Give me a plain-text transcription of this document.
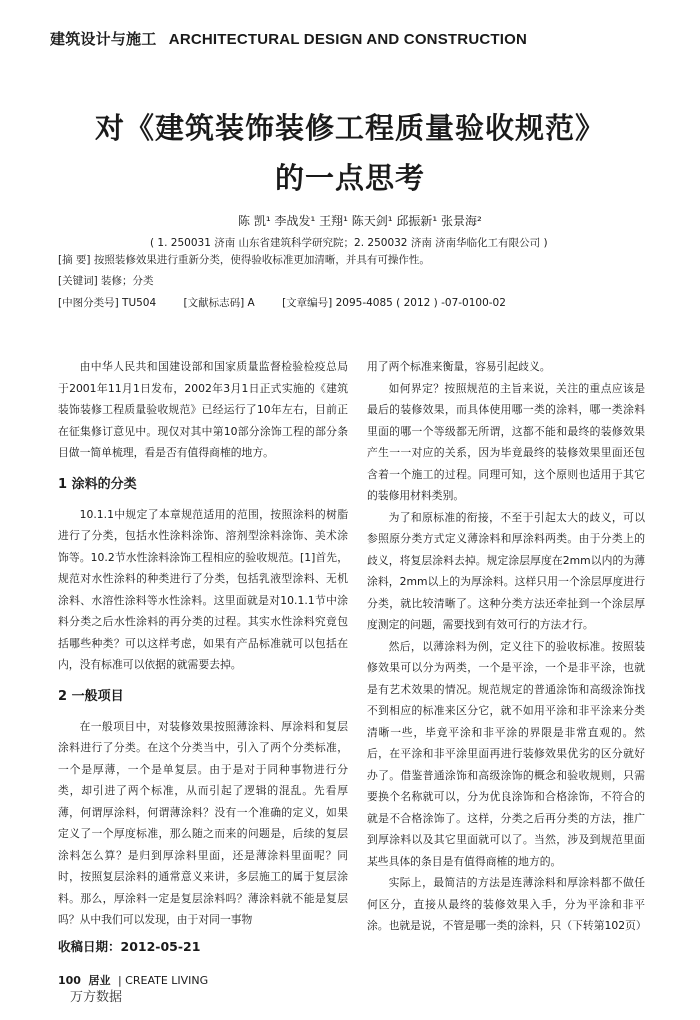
建筑设计与施工 ARCHITECTURAL DESIGN AND CONSTRUCTION
对《建筑装饰装修工程质量验收规范》
的一点思考
陈 凯¹ 李战发¹ 王翔¹ 陈天剑¹ 邱振新¹ 张景海²
( 1. 250031 济南 山东省建筑科学研究院；2. 250032 济南 济南华临化工有限公司 )
[摘 要] 按照装修效果进行重新分类，使得验收标准更加清晰，并具有可操作性。
[关键词] 装修；分类
[中图分类号] TU504	[文献标志码] A	[文章编号] 2095-4085 ( 2012 ) -07-0100-02

由中华人民共和国建设部和国家质量监督检验检疫总局于2001年11月1日发布，2002年3月1日正式实施的《建筑装饰装修工程质量验收规范》已经运行了10年左右，目前正在征集修订意见中。现仅对其中第10部分涂饰工程的部分条目做一简单梳理，看是否有值得商榷的地方。

1 涂料的分类

10.1.1中规定了本章规范适用的范围，按照涂料的树脂进行了分类，包括水性涂料涂饰、溶剂型涂料涂饰、美术涂饰等。10.2节水性涂料涂饰工程相应的验收规范。[1]首先，规范对水性涂料的种类进行了分类，包括乳液型涂料、无机涂料、水溶性涂料等水性涂料。这里面就是对10.1.1节中涂料分类之后水性涂料的再分类的过程。其实水性涂料究竟包括哪些种类？可以这样考虑，如果有产品标准就可以包括在内，没有标准可以依据的就需要去掉。

2 一般项目

在一般项目中，对装修效果按照薄涂料、厚涂料和复层涂料进行了分类。在这个分类当中，引入了两个分类标准，一个是厚薄，一个是单复层。由于是对于同种事物进行分类，却引进了两个标准，从而引起了逻辑的混乱。先看厚薄，何谓厚涂料，何谓薄涂料？没有一个准确的定义，如果定义了一个厚度标准，那么随之而来的问题是，后续的复层涂料怎么算？是归到厚涂料里面，还是薄涂料里面呢？同时，按照复层涂料的通常意义来讲，多层施工的属于复层涂料。那么，厚涂料一定是复层涂料吗？薄涂料就不能是复层吗？从中我们可以发现，由于对同一事物

用了两个标准来衡量，容易引起歧义。

如何界定？按照规范的主旨来说，关注的重点应该是最后的装修效果，而具体使用哪一类的涂料，哪一类涂料里面的哪一个等级都无所谓，这都不能和最终的装修效果产生一一对应的关系，因为毕竟最终的装修效果里面还包含着一个施工的过程。同理可知，这个原则也适用于其它的装修用材料类别。

为了和原标准的衔接，不至于引起太大的歧义，可以参照原分类方式定义薄涂料和厚涂料两类。由于分类上的歧义，将复层涂料去掉。规定涂层厚度在2mm以内的为薄涂料，2mm以上的为厚涂料。这样只用一个涂层厚度进行分类，就比较清晰了。这种分类方法还牵扯到一个涂层厚度测定的问题，需要找到有效可行的方法才行。

然后，以薄涂料为例，定义往下的验收标准。按照装修效果可以分为两类，一个是平涂，一个是非平涂，也就是有艺术效果的情况。规范规定的普通涂饰和高级涂饰找不到相应的标准来区分它，就不如用平涂和非平涂来分类清晰一些，毕竟平涂和非平涂的界限是非常直观的。然后，在平涂和非平涂里面再进行装修效果优劣的区分就好办了。借鉴普通涂饰和高级涂饰的概念和验收规则，只需要换个名称就可以，分为优良涂饰和合格涂饰，不符合的就是不合格涂饰了。这样，分类之后再分类的方法，推广到厚涂料以及其它里面就可以了。当然，涉及到规范里面某些具体的条目是有值得商榷的地方的。

实际上，最简洁的方法是连薄涂料和厚涂料都不做任何区分，直接从最终的装修效果入手，分为平涂和非平涂。也就是说，不管是哪一类的涂料，只（下转第102页）

收稿日期：2012-05-21
100 居业 | CREATE LIVING
万方数据
